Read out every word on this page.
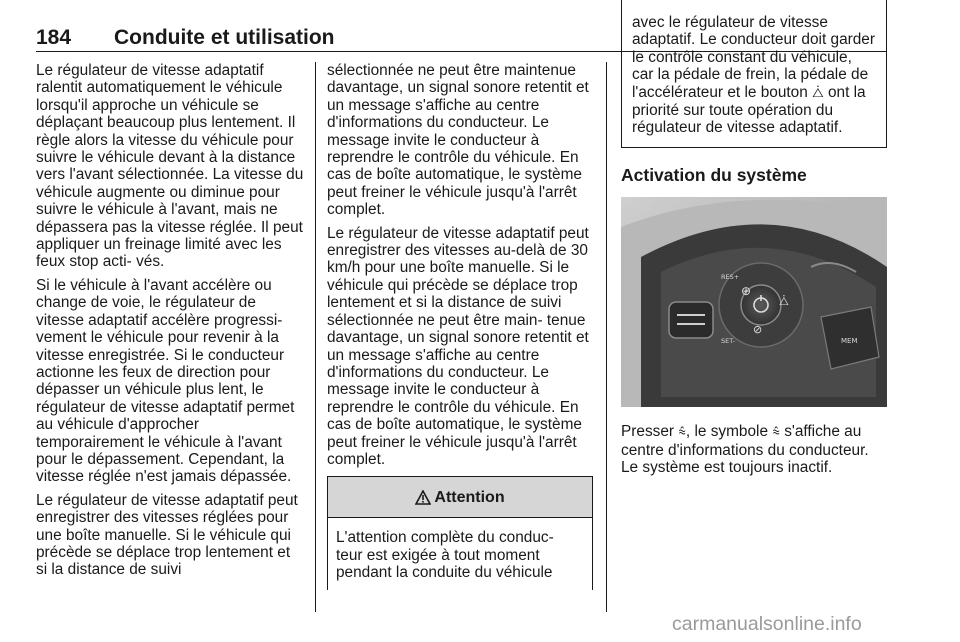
184 Conduite et utilisation

Le régulateur de vitesse adaptatif ralentit automatiquement le véhicule lorsqu'il approche un véhicule se déplaçant beaucoup plus lentement. Il règle alors la vitesse du véhicule pour suivre le véhicule devant à la distance vers l'avant sélectionnée. La vitesse du véhicule augmente ou diminue pour suivre le véhicule à l'avant, mais ne dépassera pas la vitesse réglée. Il peut appliquer un freinage limité avec les feux stop acti‑ vés.

Si le véhicule à l'avant accélère ou change de voie, le régulateur de vitesse adaptatif accélère progressi‑ vement le véhicule pour revenir à la vitesse enregistrée. Si le conducteur actionne les feux de direction pour dépasser un véhicule plus lent, le régulateur de vitesse adaptatif permet au véhicule d'approcher temporairement le véhicule à l'avant pour le dépassement. Cependant, la vitesse réglée n'est jamais dépassée.

Le régulateur de vitesse adaptatif peut enregistrer des vitesses réglées pour une boîte manuelle. Si le véhicule qui précède se déplace trop lentement et si la distance de suivi

sélectionnée ne peut être maintenue davantage, un signal sonore retentit et un message s'affiche au centre d'informations du conducteur. Le message invite le conducteur à reprendre le contrôle du véhicule. En cas de boîte automatique, le système peut freiner le véhicule jusqu'à l'arrêt complet.

Le régulateur de vitesse adaptatif peut enregistrer des vitesses au-delà de 30 km/h pour une boîte manuelle. Si le véhicule qui précède se déplace trop lentement et si la distance de suivi sélectionnée ne peut être main‑ tenue davantage, un signal sonore retentit et un message s'affiche au centre d'informations du conducteur. Le message invite le conducteur à reprendre le contrôle du véhicule. En cas de boîte automatique, le système peut freiner le véhicule jusqu'à l'arrêt complet.

Attention
L'attention complète du conduc‑ teur est exigée à tout moment pendant la conduite du véhicule
avec le régulateur de vitesse adaptatif. Le conducteur doit garder le contrôle constant du véhicule, car la pédale de frein, la pédale de l'accélérateur et le bouton ⧊ ont la priorité sur toute opération du régulateur de vitesse adaptatif.
Activation du système
RES+
SET-
⊕
⧊
⊘
MEM
Presser ⩯, le symbole ⩯ s'affiche au centre d'informations du conducteur. Le système est toujours inactif.
carmanualsonline.info
